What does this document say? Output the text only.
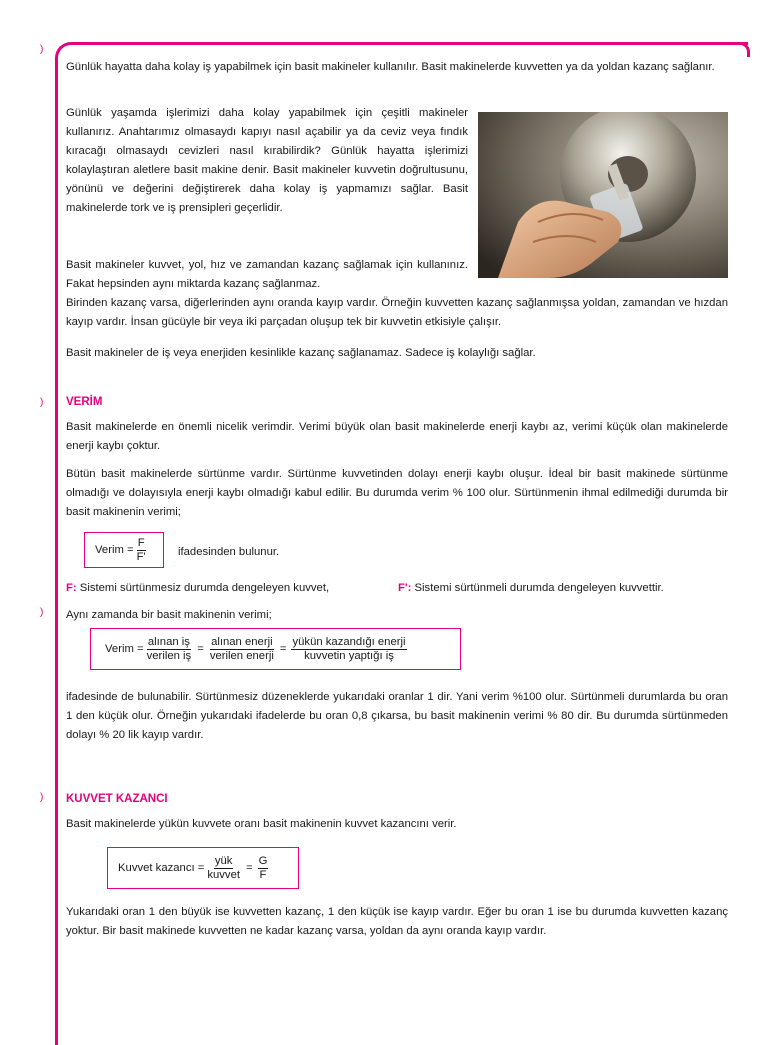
)
)
)
)

Günlük hayatta daha kolay iş yapabilmek için basit makineler kullanılır. Basit makinelerde kuvvetten ya da yoldan kazanç sağlanır.

Günlük yaşamda işlerimizi daha kolay yapabilmek için çeşitli makineler kullanırız. Anahtarımız olmasaydı kapıyı nasıl açabilir ya da ceviz veya fındık kıracağı olmasaydı cevizleri nasıl kırabilirdik? Günlük hayatta işlerimizi kolaylaştıran aletlere basit makine denir. Basit makineler kuvvetin doğrultusunu, yönünü ve değerini değiştirerek daha kolay iş yapmamızı sağlar. Basit makinelerde tork ve iş prensipleri geçerlidir.

Basit makineler kuvvet, yol, hız ve zamandan kazanç sağlamak için kullanınız. Fakat hepsinden aynı miktarda kazanç sağlanmaz.

Birinden kazanç varsa, diğerlerinden aynı oranda kayıp vardır. Örneğin kuvvetten kazanç sağlanmışsa yoldan, zamandan ve hızdan kayıp vardır. İnsan gücüyle bir veya iki parçadan oluşup tek bir kuvvetin etkisiyle çalışır.

Basit makineler de iş veya enerjiden kesinlikle kazanç sağlanamaz. Sadece iş kolaylığı sağlar.

VERİM

Basit makinelerde en önemli nicelik verimdir. Verimi büyük olan basit makinelerde enerji kaybı az, verimi küçük olan makinelerde enerji kaybı çoktur.

Bütün basit makinelerde sürtünme vardır. Sürtünme kuvvetinden dolayı enerji kaybı oluşur. İdeal bir basit makinede sürtünme olmadığı ve dolayısıyla enerji kaybı olmadığı kabul edilir. Bu durumda verim % 100 olur. Sürtünmenin ihmal edilmediği durumda bir basit makinenin verimi;

Verim = $\frac{F}{F'}$	ifadesinden bulunur.
F: Sistemi sürtünmesiz durumda dengeleyen kuvvet,	F': Sistemi sürtünmeli durumda dengeleyen kuvvettir.

Aynı zamanda bir basit makinenin verimi;

Verim = $\frac{\text{alınan iş}}{\text{verilen iş}} = \frac{\text{alınan enerji}}{\text{verilen enerji}} = \frac{\text{yükün kazandığı enerji}}{\text{kuvvetin yaptığı iş}}$

ifadesinde de bulunabilir. Sürtünmesiz düzeneklerde yukarıdaki oranlar 1 dir. Yani verim %100 olur. Sürtünmeli durumlarda bu oran 1 den küçük olur. Örneğin yukarıdaki ifadelerde bu oran 0,8 çıkarsa, bu basit makinenin verimi % 80 dir. Bu durumda sürtünmeden dolayı % 20 lik kayıp vardır.

KUVVET KAZANCI

Basit makinelerde yükün kuvvete oranı basit makinenin kuvvet kazancını verir.

Kuvvet kazancı = $\frac{\text{yük}}{\text{kuvvet}} = \frac{G}{F}$

Yukarıdaki oran 1 den büyük ise kuvvetten kazanç, 1 den küçük ise kayıp vardır. Eğer bu oran 1 ise bu durumda kuvvetten kazanç yoktur. Bir basit makinede kuvvetten ne kadar kazanç varsa, yoldan da aynı oranda kayıp vardır.
